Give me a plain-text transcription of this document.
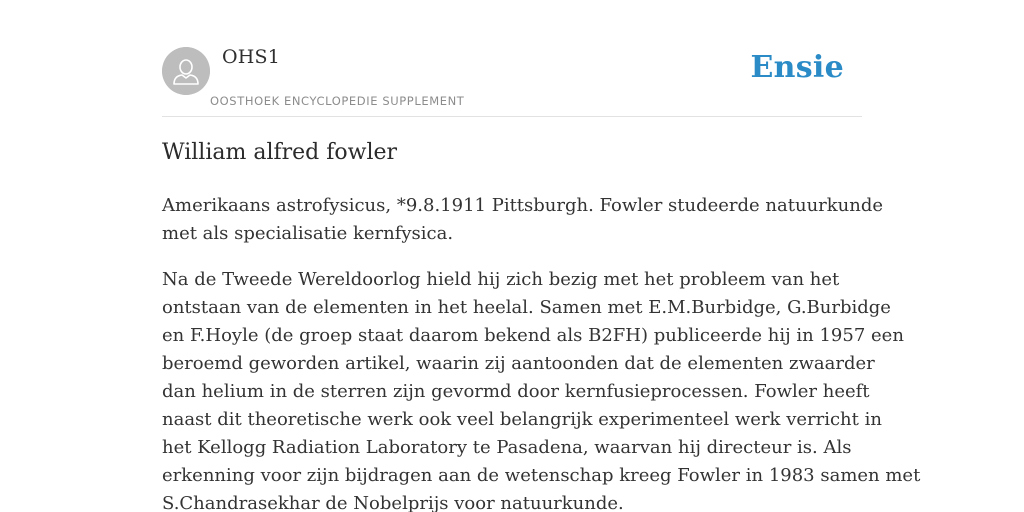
OHS1
OOSTHOEK ENCYCLOPEDIE SUPPLEMENT
Ensie
William alfred fowler

Amerikaans astrofysicus, *9.8.1911 Pittsburgh. Fowler studeerde natuurkunde
met als specialisatie kernfysica.

Na de Tweede Wereldoorlog hield hij zich bezig met het probleem van het
ontstaan van de elementen in het heelal. Samen met E.M.Burbidge, G.Burbidge
en F.Hoyle (de groep staat daarom bekend als B2FH) publiceerde hij in 1957 een
beroemd geworden artikel, waarin zij aantoonden dat de elementen zwaarder
dan helium in de sterren zijn gevormd door kernfusieprocessen. Fowler heeft
naast dit theoretische werk ook veel belangrijk experimenteel werk verricht in
het Kellogg Radiation Laboratory te Pasadena, waarvan hij directeur is. Als
erkenning voor zijn bijdragen aan de wetenschap kreeg Fowler in 1983 samen met
S.Chandrasekhar de Nobelprijs voor natuurkunde.
